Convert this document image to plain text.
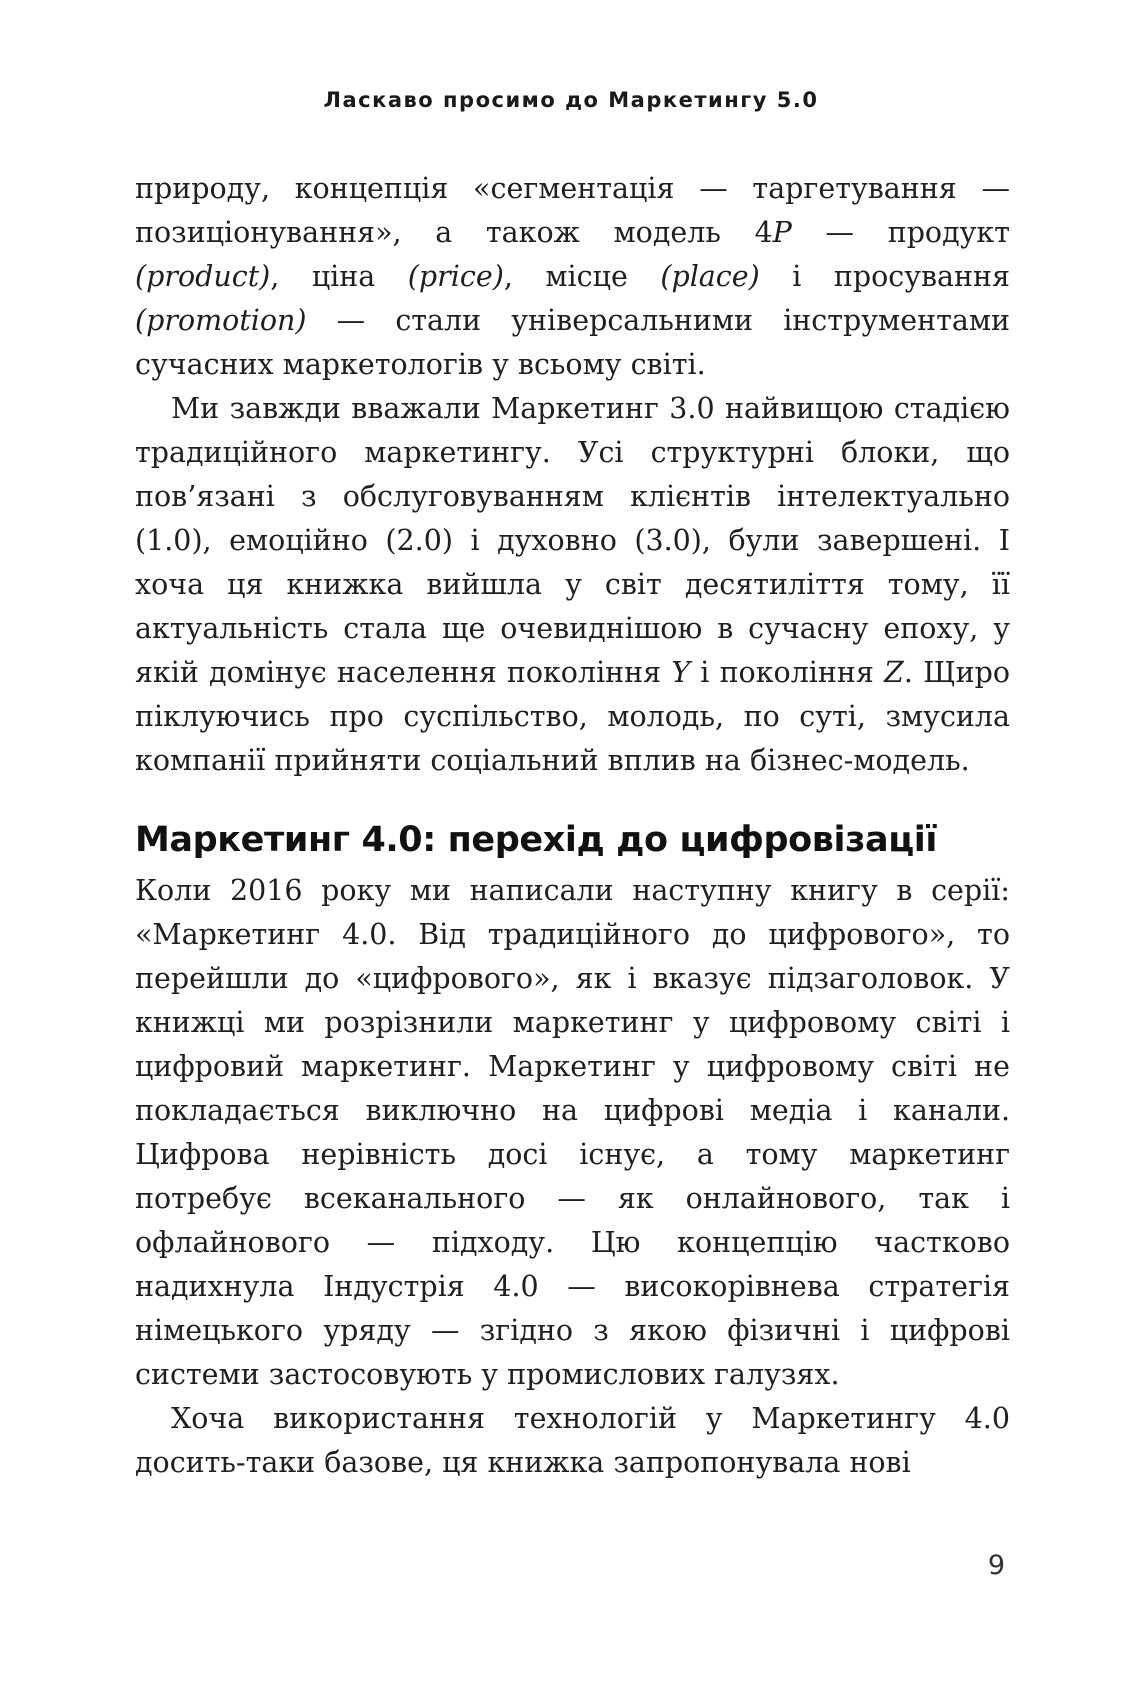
Ласкаво просимо до Маркетингу 5.0

природу, концепція «сегментація — таргетування — позиціонування», а також модель 4P — продукт (product), ціна (price), місце (place) і просування (promotion) — стали універсальними інструментами сучасних маркетологів у всьому світі.

Ми завжди вважали Маркетинг 3.0 найвищою стадією традиційного маркетингу. Усі структурні блоки, що пов’язані з обслуговуванням клієнтів інтелектуально (1.0), емоційно (2.0) і духовно (3.0), були завершені. І хоча ця книжка вийшла у світ десятиліття тому, її актуальність стала ще очевиднішою в сучасну епоху, у якій домінує населення покоління Y і покоління Z. Щиро піклуючись про суспільство, молодь, по суті, змусила компанії прийняти соціальний вплив на бізнес-модель.

Маркетинг 4.0: перехід до цифровізації

Коли 2016 року ми написали наступну книгу в серії: «Маркетинг 4.0. Від традиційного до цифрового», то перейшли до «цифрового», як і вказує підзаголовок. У книжці ми розрізнили маркетинг у цифровому світі і цифровий маркетинг. Маркетинг у цифровому світі не покладається виключно на цифрові медіа і канали. Цифрова нерівність досі існує, а тому маркетинг потребує всеканального — як онлайнового, так і офлайнового — підходу. Цю концепцію частково надихнула Індустрія 4.0 — високорівнева стратегія німецького уряду — згідно з якою фізичні і цифрові системи застосовують у промислових галузях.

Хоча використання технологій у Маркетингу 4.0 досить-таки базове, ця книжка запропонувала нові

9
